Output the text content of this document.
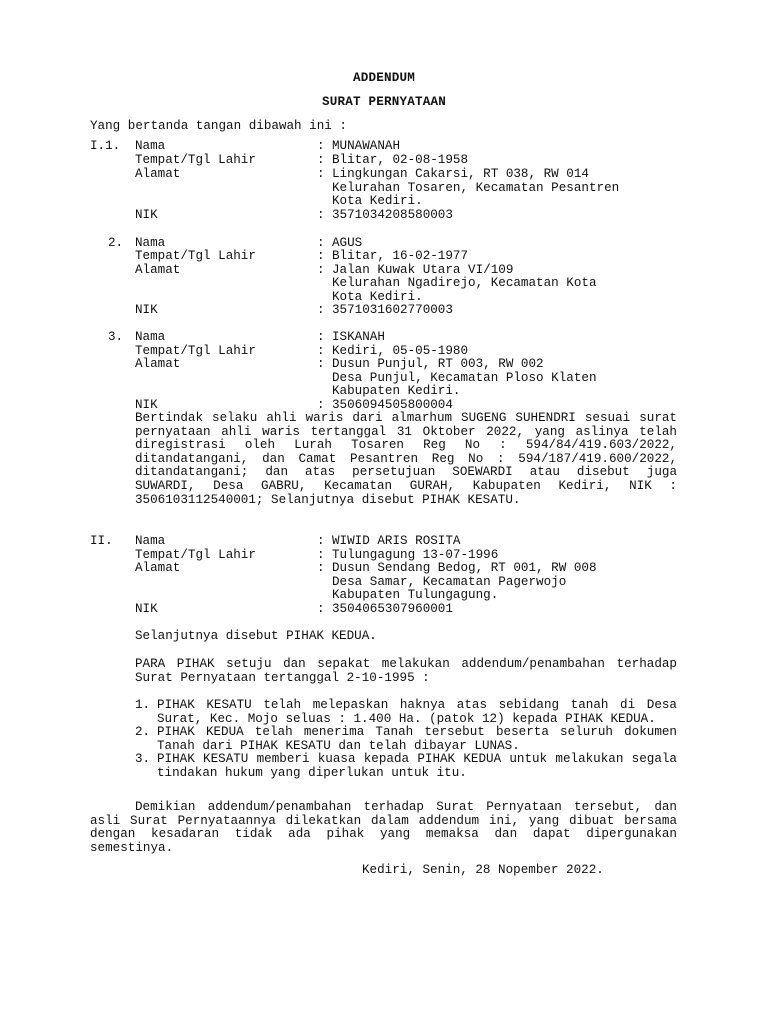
ADDENDUM
SURAT PERNYATAAN
Yang bertanda tangan dibawah ini :
I.1. Nama	: MUNAWANAH
Tempat/Tgl Lahir	: Blitar, 02-08-1958
Alamat	: Lingkungan Cakarsi, RT 038, RW 014
Kelurahan Tosaren, Kecamatan Pesantren
Kota Kediri.
NIK	: 3571034208580003
2. Nama	: AGUS
Tempat/Tgl Lahir	: Blitar, 16-02-1977
Alamat	: Jalan Kuwak Utara VI/109
Kelurahan Ngadirejo, Kecamatan Kota
Kota Kediri.
NIK	: 3571031602770003
3. Nama	: ISKANAH
Tempat/Tgl Lahir	: Kediri, 05-05-1980
Alamat	: Dusun Punjul, RT 003, RW 002
Desa Punjul, Kecamatan Ploso Klaten
Kabupaten Kediri.
NIK	: 3506094505800004
Bertindak selaku ahli waris dari almarhum SUGENG SUHENDRI sesuai surat pernyataan ahli waris tertanggal 31 Oktober 2022, yang aslinya telah diregistrasi oleh Lurah Tosaren Reg No : 594/84/419.603/2022, ditandatangani, dan Camat Pesantren Reg No : 594/187/419.600/2022, ditandatangani; dan atas persetujuan SOEWARDI atau disebut juga SUWARDI, Desa GABRU, Kecamatan GURAH, Kabupaten Kediri, NIK : 3506103112540001; Selanjutnya disebut PIHAK KESATU.
II. Nama	: WIWID ARIS ROSITA
Tempat/Tgl Lahir	: Tulungagung 13-07-1996
Alamat	: Dusun Sendang Bedog, RT 001, RW 008
Desa Samar, Kecamatan Pagerwojo
Kabupaten Tulungagung.
NIK	: 3504065307960001
Selanjutnya disebut PIHAK KEDUA.
PARA PIHAK setuju dan sepakat melakukan addendum/penambahan terhadap Surat Pernyataan tertanggal 2-10-1995 :
1. PIHAK KESATU telah melepaskan haknya atas sebidang tanah di Desa Surat, Kec. Mojo seluas : 1.400 Ha. (patok 12) kepada PIHAK KEDUA.
2. PIHAK KEDUA telah menerima Tanah tersebut beserta seluruh dokumen Tanah dari PIHAK KESATU dan telah dibayar LUNAS.
3. PIHAK KESATU memberi kuasa kepada PIHAK KEDUA untuk melakukan segala tindakan hukum yang diperlukan untuk itu.
Demikian addendum/penambahan terhadap Surat Pernyataan tersebut, dan asli Surat Pernyataannya dilekatkan dalam addendum ini, yang dibuat bersama dengan kesadaran tidak ada pihak yang memaksa dan dapat dipergunakan semestinya.
Kediri, Senin, 28 Nopember 2022.
